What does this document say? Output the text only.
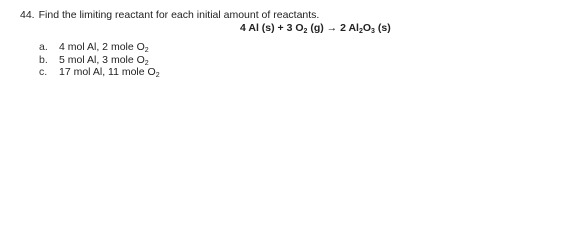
44. Find the limiting reactant for each initial amount of reactants.
4 Al (s) + 3 $O_2$ (g) → 2 $Al_2O_3$ (s)
a.	4 mol Al, 2 mole $O_2$
b.	5 mol Al, 3 mole $O_2$
c.	17 mol Al, 11 mole $O_2$
